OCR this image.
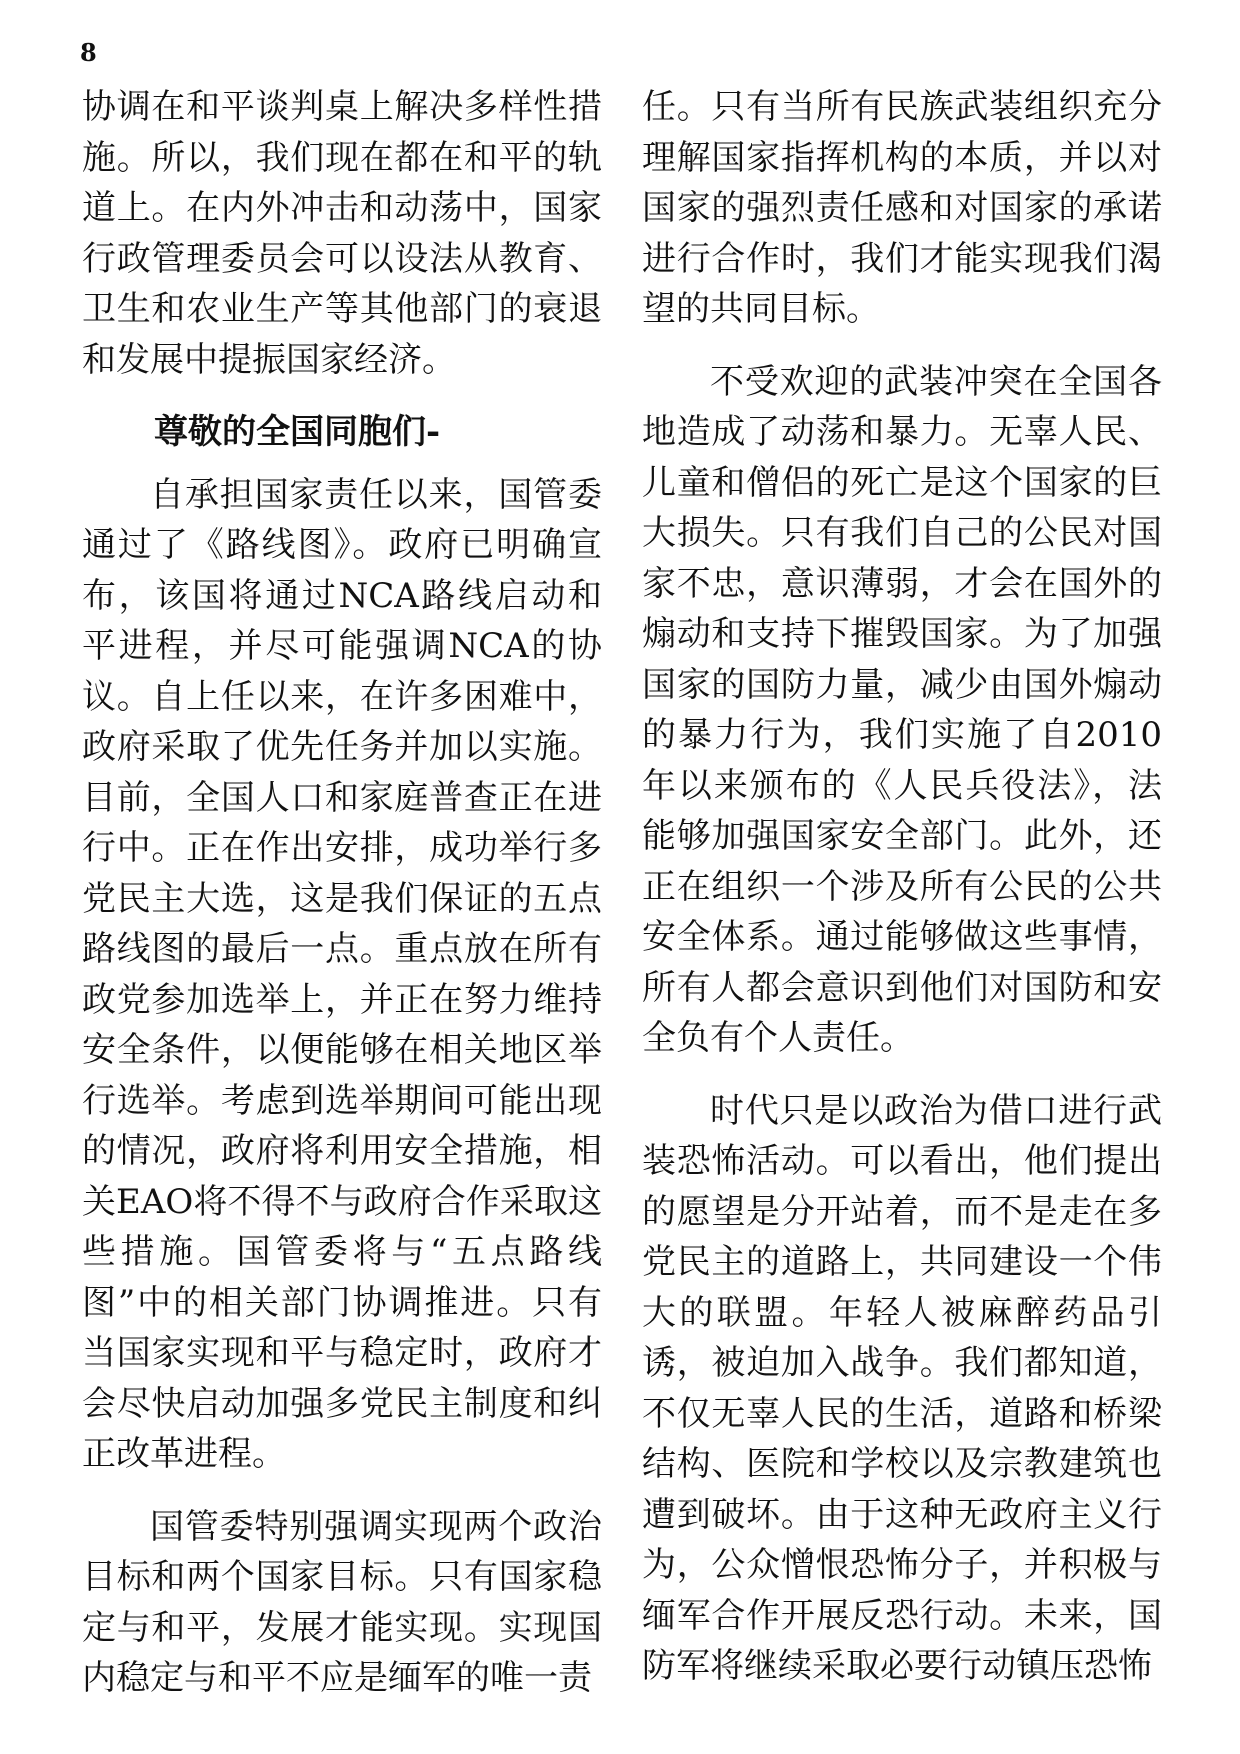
8

协调在和平谈判桌上解决多样性措施。所以，我们现在都在和平的轨道上。在内外冲击和动荡中，国家行政管理委员会可以设法从教育、卫生和农业生产等其他部门的衰退和发展中提振国家经济。

尊敬的全国同胞们-

自承担国家责任以来，国管委通过了《路线图》。政府已明确宣布，该国将通过NCA路线启动和平进程，并尽可能强调NCA的协议。自上任以来，在许多困难中，政府采取了优先任务并加以实施。目前，全国人口和家庭普查正在进行中。正在作出安排，成功举行多党民主大选，这是我们保证的五点路线图的最后一点。重点放在所有政党参加选举上，并正在努力维持安全条件，以便能够在相关地区举行选举。考虑到选举期间可能出现的情况，政府将利用安全措施，相关EAO将不得不与政府合作采取这些措施。国管委将与“五点路线图”中的相关部门协调推进。只有当国家实现和平与稳定时，政府才会尽快启动加强多党民主制度和纠正改革进程。

国管委特别强调实现两个政治目标和两个国家目标。只有国家稳定与和平，发展才能实现。实现国内稳定与和平不应是缅军的唯一责

任。只有当所有民族武装组织充分理解国家指挥机构的本质，并以对国家的强烈责任感和对国家的承诺进行合作时，我们才能实现我们渴望的共同目标。

不受欢迎的武装冲突在全国各地造成了动荡和暴力。无辜人民、儿童和僧侣的死亡是这个国家的巨大损失。只有我们自己的公民对国家不忠，意识薄弱，才会在国外的煽动和支持下摧毁国家。为了加强国家的国防力量，减少由国外煽动的暴力行为，我们实施了自2010年以来颁布的《人民兵役法》，法能够加强国家安全部门。此外，还正在组织一个涉及所有公民的公共安全体系。通过能够做这些事情，所有人都会意识到他们对国防和安全负有个人责任。

时代只是以政治为借口进行武装恐怖活动。可以看出，他们提出的愿望是分开站着，而不是走在多党民主的道路上，共同建设一个伟大的联盟。年轻人被麻醉药品引诱，被迫加入战争。我们都知道，不仅无辜人民的生活，道路和桥梁结构、医院和学校以及宗教建筑也遭到破坏。由于这种无政府主义行为，公众憎恨恐怖分子，并积极与缅军合作开展反恐行动。未来，国防军将继续采取必要行动镇压恐怖
